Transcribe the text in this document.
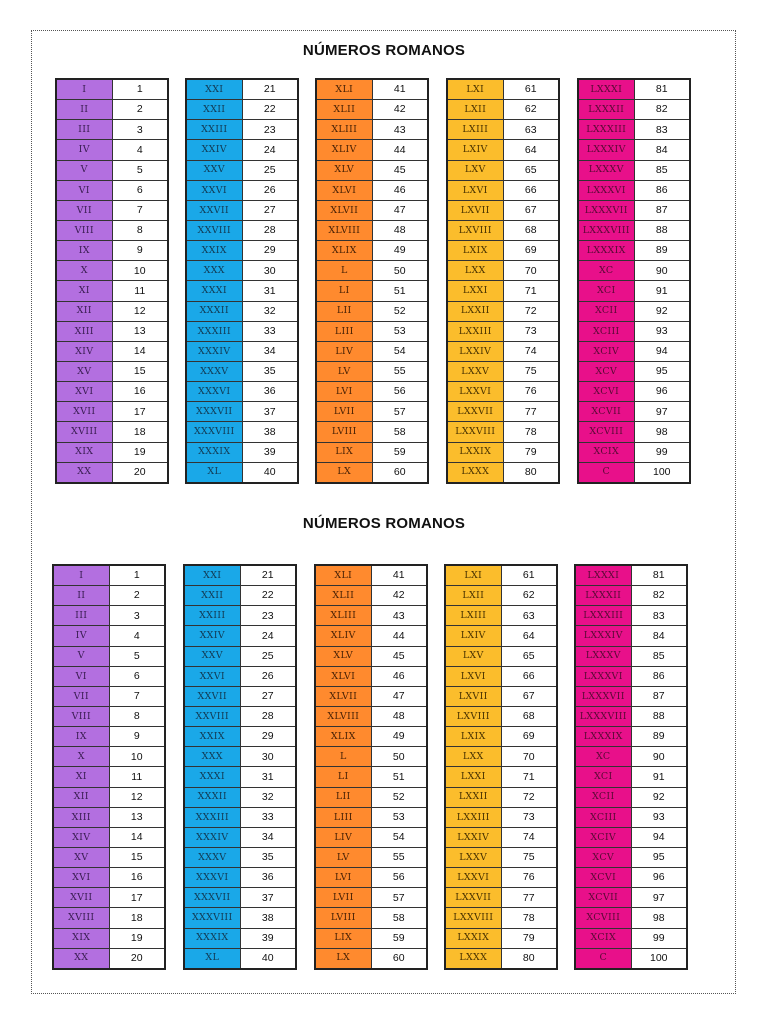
NÚMEROS ROMANOS
I	1
II	2
III	3
IV	4
V	5
VI	6
VII	7
VIII	8
IX	9
X	10
XI	11
XII	12
XIII	13
XIV	14
XV	15
XVI	16
XVII	17
XVIII	18
XIX	19
XX	20
XXI	21
XXII	22
XXIII	23
XXIV	24
XXV	25
XXVI	26
XXVII	27
XXVIII	28
XXIX	29
XXX	30
XXXI	31
XXXII	32
XXXIII	33
XXXIV	34
XXXV	35
XXXVI	36
XXXVII	37
XXXVIII	38
XXXIX	39
XL	40
XLI	41
XLII	42
XLIII	43
XLIV	44
XLV	45
XLVI	46
XLVII	47
XLVIII	48
XLIX	49
L	50
LI	51
LII	52
LIII	53
LIV	54
LV	55
LVI	56
LVII	57
LVIII	58
LIX	59
LX	60
LXI	61
LXII	62
LXIII	63
LXIV	64
LXV	65
LXVI	66
LXVII	67
LXVIII	68
LXIX	69
LXX	70
LXXI	71
LXXII	72
LXXIII	73
LXXIV	74
LXXV	75
LXXVI	76
LXXVII	77
LXXVIII	78
LXXIX	79
LXXX	80
LXXXI	81
LXXXII	82
LXXXIII	83
LXXXIV	84
LXXXV	85
LXXXVI	86
LXXXVII	87
LXXXVIII	88
LXXXIX	89
XC	90
XCI	91
XCII	92
XCIII	93
XCIV	94
XCV	95
XCVI	96
XCVII	97
XCVIII	98
XCIX	99
C	100
NÚMEROS ROMANOS
I	1
II	2
III	3
IV	4
V	5
VI	6
VII	7
VIII	8
IX	9
X	10
XI	11
XII	12
XIII	13
XIV	14
XV	15
XVI	16
XVII	17
XVIII	18
XIX	19
XX	20
XXI	21
XXII	22
XXIII	23
XXIV	24
XXV	25
XXVI	26
XXVII	27
XXVIII	28
XXIX	29
XXX	30
XXXI	31
XXXII	32
XXXIII	33
XXXIV	34
XXXV	35
XXXVI	36
XXXVII	37
XXXVIII	38
XXXIX	39
XL	40
XLI	41
XLII	42
XLIII	43
XLIV	44
XLV	45
XLVI	46
XLVII	47
XLVIII	48
XLIX	49
L	50
LI	51
LII	52
LIII	53
LIV	54
LV	55
LVI	56
LVII	57
LVIII	58
LIX	59
LX	60
LXI	61
LXII	62
LXIII	63
LXIV	64
LXV	65
LXVI	66
LXVII	67
LXVIII	68
LXIX	69
LXX	70
LXXI	71
LXXII	72
LXXIII	73
LXXIV	74
LXXV	75
LXXVI	76
LXXVII	77
LXXVIII	78
LXXIX	79
LXXX	80
LXXXI	81
LXXXII	82
LXXXIII	83
LXXXIV	84
LXXXV	85
LXXXVI	86
LXXXVII	87
LXXXVIII	88
LXXXIX	89
XC	90
XCI	91
XCII	92
XCIII	93
XCIV	94
XCV	95
XCVI	96
XCVII	97
XCVIII	98
XCIX	99
C	100
